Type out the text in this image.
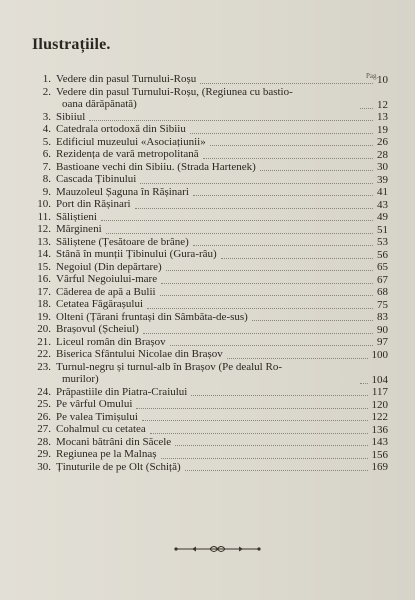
Ilustrațiile.
Pag.
1. Vedere din pasul Turnului-Roșu	10
2. Vedere din pasul Turnului-Roșu, (Regiunea cu bastio-
oana dărăpănată)	12
3. Sibiiul	13
4. Catedrala ortodoxă din Sibiiu	19
5. Edificiul muzeului «Asociațiunii»	26
6. Rezidența de vară metropolitană	28
7. Bastioane vechi din Sibiiu. (Strada Hartenek)	30
8. Cascada Țibinului	39
9. Mauzoleul Șaguna în Rășinari	41
10. Port din Rășinari	43
11. Săliștieni	49
12. Mărgineni	51
13. Săliștene (Țesătoare de brâne)	53
14. Stână în munții Țibinului (Gura-râu)	56
15. Negoiul (Din depărtare)	65
16. Vârful Negoiului-mare	67
17. Căderea de apă a Bulii	68
18. Cetatea Făgărașului	75
19. Olteni (Țărani fruntași din Sâmbăta-de-sus)	83
20. Brașovul (Șcheiul)	90
21. Liceul român din Brașov	97
22. Biserica Sfântului Nicolae din Brașov	100
23. Turnul-negru și turnul-alb în Brașov (Pe dealul Ro-
murilor)	104
24. Prăpastiile din Piatra-Craiului	117
25. Pe vârful Omului	120
26. Pe valea Timișului	122
27. Cohalmul cu cetatea	136
28. Mocani bătrâni din Săcele	143
29. Regiunea pe la Malnaș	156
30. Ținuturile de pe Olt (Schiță)	169
